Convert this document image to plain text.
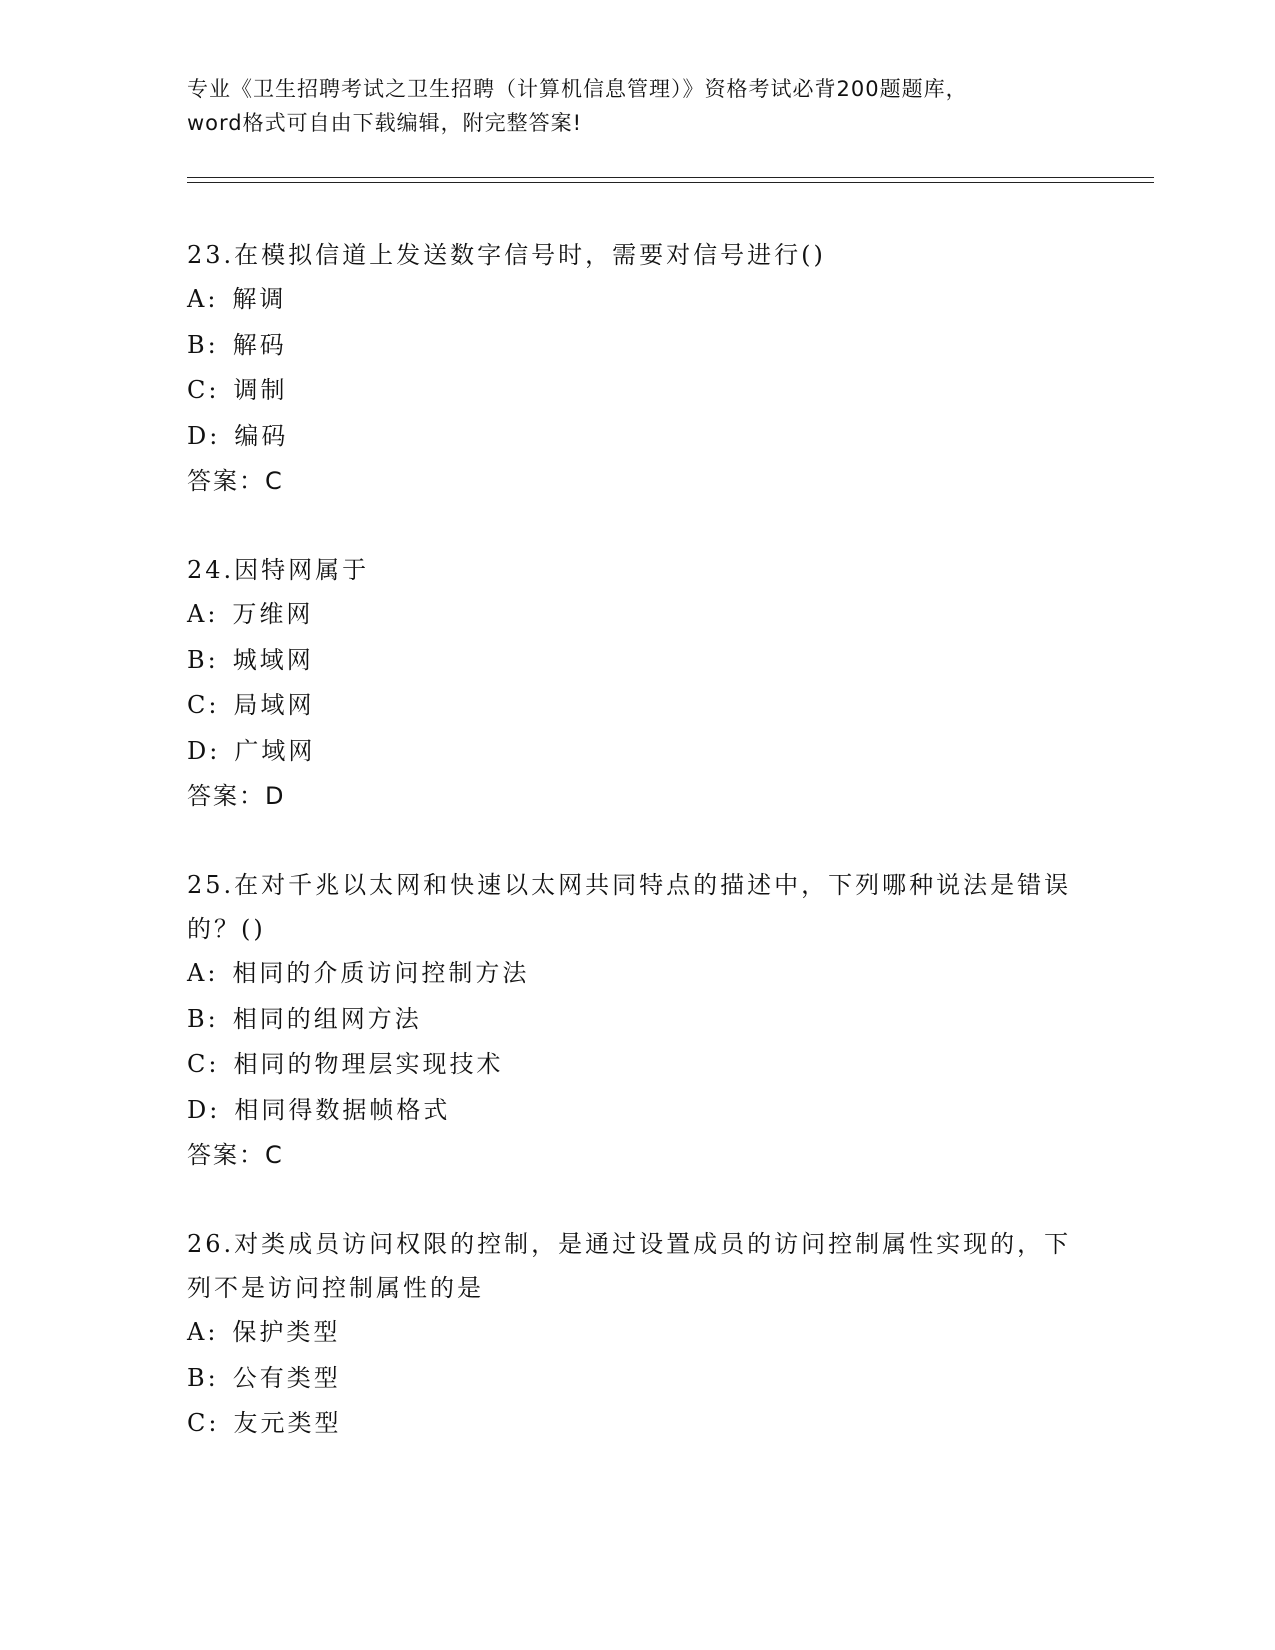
专业《卫生招聘考试之卫生招聘（计算机信息管理）》资格考试必背200题题库，
word格式可自由下载编辑，附完整答案!
23.在模拟信道上发送数字信号时，需要对信号进行()
A: 解调
B: 解码
C: 调制
D: 编码
答案：C
24.因特网属于
A: 万维网
B: 城域网
C: 局域网
D: 广域网
答案：D
25.在对千兆以太网和快速以太网共同特点的描述中，下列哪种说法是错误的？()
A: 相同的介质访问控制方法
B: 相同的组网方法
C: 相同的物理层实现技术
D: 相同得数据帧格式
答案：C
26.对类成员访问权限的控制，是通过设置成员的访问控制属性实现的，下列不是访问控制属性的是
A: 保护类型
B: 公有类型
C: 友元类型
